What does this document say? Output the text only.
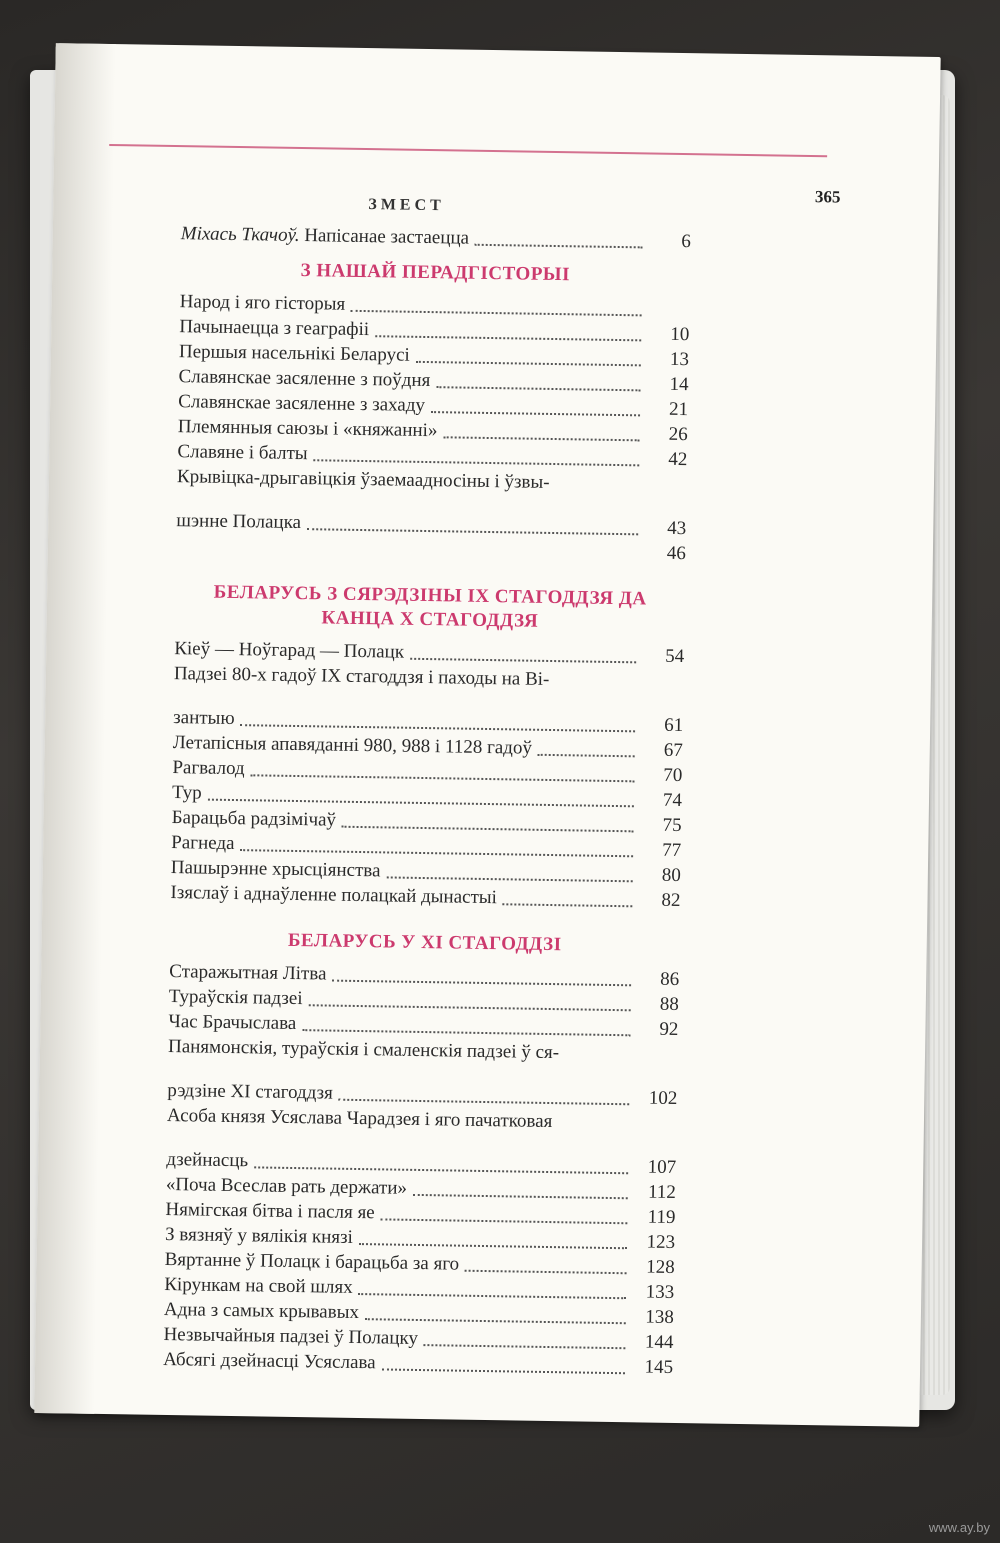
365
ЗМЕСТ
Міхась Ткачоў. Напісанае застаецца	6
З НАШАЙ ПЕРАДГІСТОРЫІ
Народ і яго гісторыя
Пачынаецца з геаграфіі	10
Першыя насельнікі Беларусі	13
Славянскае засяленне з поўдня	14
Славянскае засяленне з захаду	21
Племянныя саюзы і «княжанні»	26
Славяне і балты	42
Крывіцка-дрыгавіцкія ўзаемаадносіны і ўзвы-

шэнне Полацка	43
46
БЕЛАРУСЬ З СЯРЭДЗІНЫ IX СТАГОДДЗЯ ДА КАНЦА X СТАГОДДЗЯ
Кіеў — Ноўгарад — Полацк	54
Падзеі 80-х гадоў IX стагоддзя і паходы на Ві-

зантыю	61
Летапісныя апавяданні 980, 988 і 1128 гадоў	67
Рагвалод	70
Тур	74
Барацьба радзімічаў	75
Рагнеда	77
Пашырэнне хрысціянства	80
Ізяслаў і аднаўленне полацкай дынастыі	82
БЕЛАРУСЬ У XI СТАГОДДЗІ
Старажытная Літва	86
Тураўскія падзеі	88
Час Брачыслава	92
Панямонскія, тураўскія і смаленскія падзеі ў ся-

рэдзіне XI стагоддзя	102
Асоба князя Усяслава Чарадзея і яго пачатковая

дзейнасць	107
«Поча Всеслав рать держати»	112
Нямігская бітва і пасля яе	119
З вязняў у вялікія князі	123
Вяртанне ў Полацк і барацьба за яго	128
Кірункам на свой шлях	133
Адна з самых крывавых	138
Незвычайныя падзеі ў Полацку	144
Абсягі дзейнасці Усяслава	145
www.ay.by
